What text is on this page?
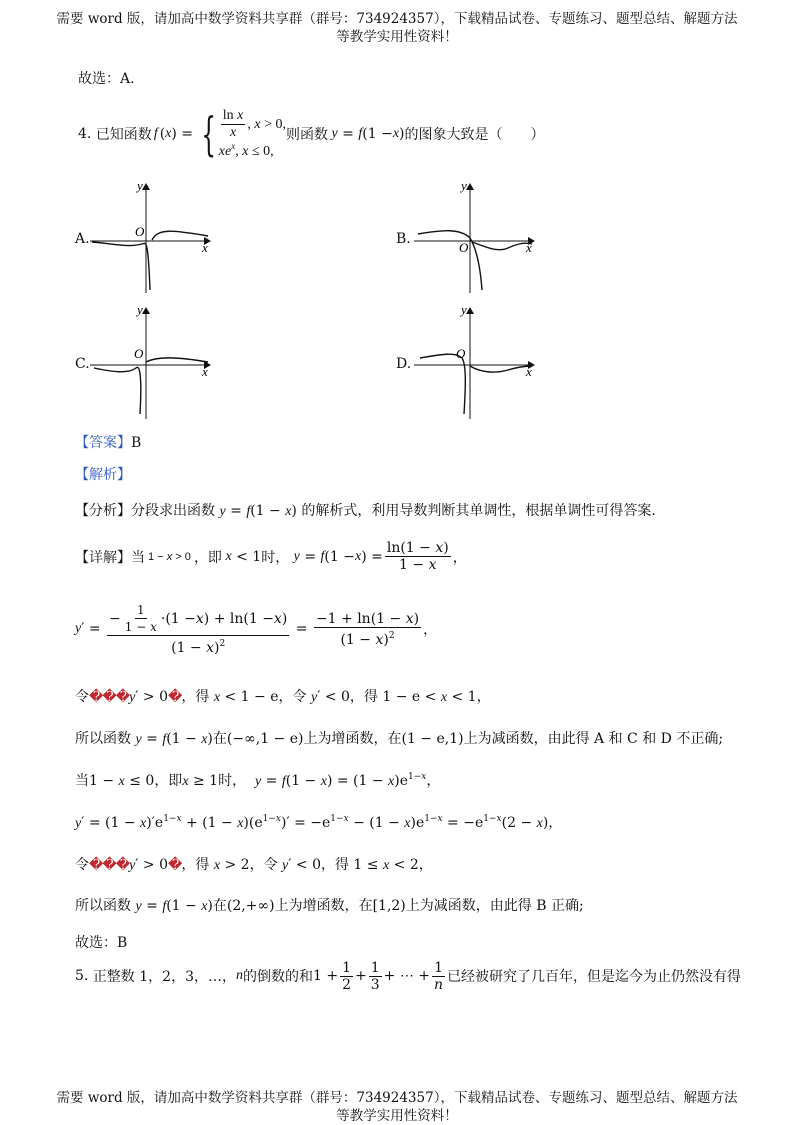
需要 word 版，请加高中数学资料共享群（群号：734924357），下载精品试卷、专题练习、题型总结、解题方法
等教学实用性资料！
故选：A.
4.
已知函数 f ( x ) = { $\frac{\text{ln x}}{x}$ , x > 0,
$xe^x$, x ≤ 0,
则函数 y = f (1 − x ) 的图象大致是（　　）
A.	B.
C.	D.
y
x
O
y
x
O
y
x
O
y
x
O
【答案】B
【解析】
【分析】分段求出函数 y = f(1 − x) 的解析式，利用导数判断其单调性，根据单调性可得答案.
【详解】 当 1 − x > 0 ，即 x < 1 时，
y = f (1 − x ) = $\frac{\ln(1 - x)}{1 - x}$ ，
y ′ = $\frac{- \frac{1}{1 - x} \cdot(1 - x ) + \ln(1 - x )}{(1 - x)^2} = \frac{-1 + \ln(1 - x)}{(1 - x)^2}$ ，
令���y′ > 0�，得 x < 1 − e，令 y′ < 0，得 1 − e < x < 1，
所以函数 y = f(1 − x)在(−∞,1 − e)上为增函数，在(1 − e,1)上为减函数，由此得 A 和 C 和 D 不正确;
当1 − x ≤ 0，即x ≥ 1时， $y = f(1 - x) = (1 - x)e^{1-x}$，
$y' = (1 - x)'e^{1-x} + (1 - x)(e^{1-x})' = -e^{1-x} - (1 - x)e^{1-x} = -e^{1-x}(2 - x)$，
令���y′ > 0�，得 x > 2，令 y′ < 0，得 1 ≤ x < 2，
所以函数 y = f(1 − x)在(2,+∞)上为增函数，在[1,2)上为减函数，由此得 B 正确;
故选：B
5.
正整数 1，2，3，…， n 的倒数的和 $1 + \frac{1}{2} + \frac{1}{3}$ + ⋯ + $\frac{1}{n}$ 已经被研究了几百年，但是迄今为止仍然没有得
需要 word 版，请加高中数学资料共享群（群号：734924357），下载精品试卷、专题练习、题型总结、解题方法
等教学实用性资料！
